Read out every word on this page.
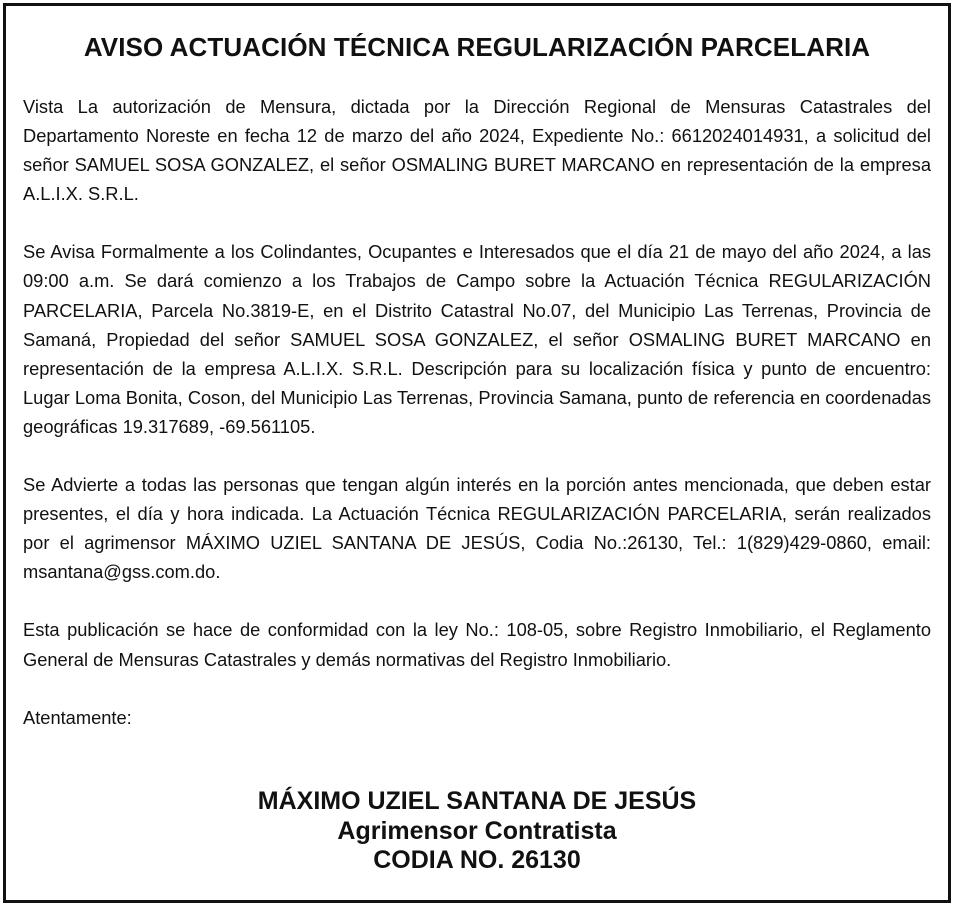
AVISO ACTUACIÓN TÉCNICA REGULARIZACIÓN PARCELARIA

Vista La autorización de Mensura, dictada por la Dirección Regional de Mensuras Catastrales del Departamento Noreste en fecha 12 de marzo del año 2024, Expediente No.: 6612024014931, a solicitud del señor SAMUEL SOSA GONZALEZ, el señor OSMALING BURET MARCANO en representación de la empresa A.L.I.X. S.R.L.

Se Avisa Formalmente a los Colindantes, Ocupantes e Interesados que el día 21 de mayo del año 2024, a las 09:00 a.m. Se dará comienzo a los Trabajos de Campo sobre la Actuación Técnica REGULARIZACIÓN PARCELARIA, Parcela No.3819-E, en el Distrito Catastral No.07, del Municipio Las Terrenas, Provincia de Samaná, Propiedad del señor SAMUEL SOSA GONZALEZ, el señor OSMALING BURET MARCANO en representación de la empresa A.L.I.X. S.R.L. Descripción para su localización física y punto de encuentro: Lugar Loma Bonita, Coson, del Municipio Las Terrenas, Provincia Samana, punto de referencia en coordenadas geográficas 19.317689, -69.561105.

Se Advierte a todas las personas que tengan algún interés en la porción antes mencionada, que deben estar presentes, el día y hora indicada. La Actuación Técnica REGULARIZACIÓN PARCELARIA, serán realizados por el agrimensor MÁXIMO UZIEL SANTANA DE JESÚS, Codia No.:26130, Tel.: 1(829)429-0860, email: msantana@gss.com.do.

Esta publicación se hace de conformidad con la ley No.: 108-05, sobre Registro Inmobiliario, el Reglamento General de Mensuras Catastrales y demás normativas del Registro Inmobiliario.

Atentamente:

MÁXIMO UZIEL SANTANA DE JESÚS
Agrimensor Contratista
CODIA NO. 26130
